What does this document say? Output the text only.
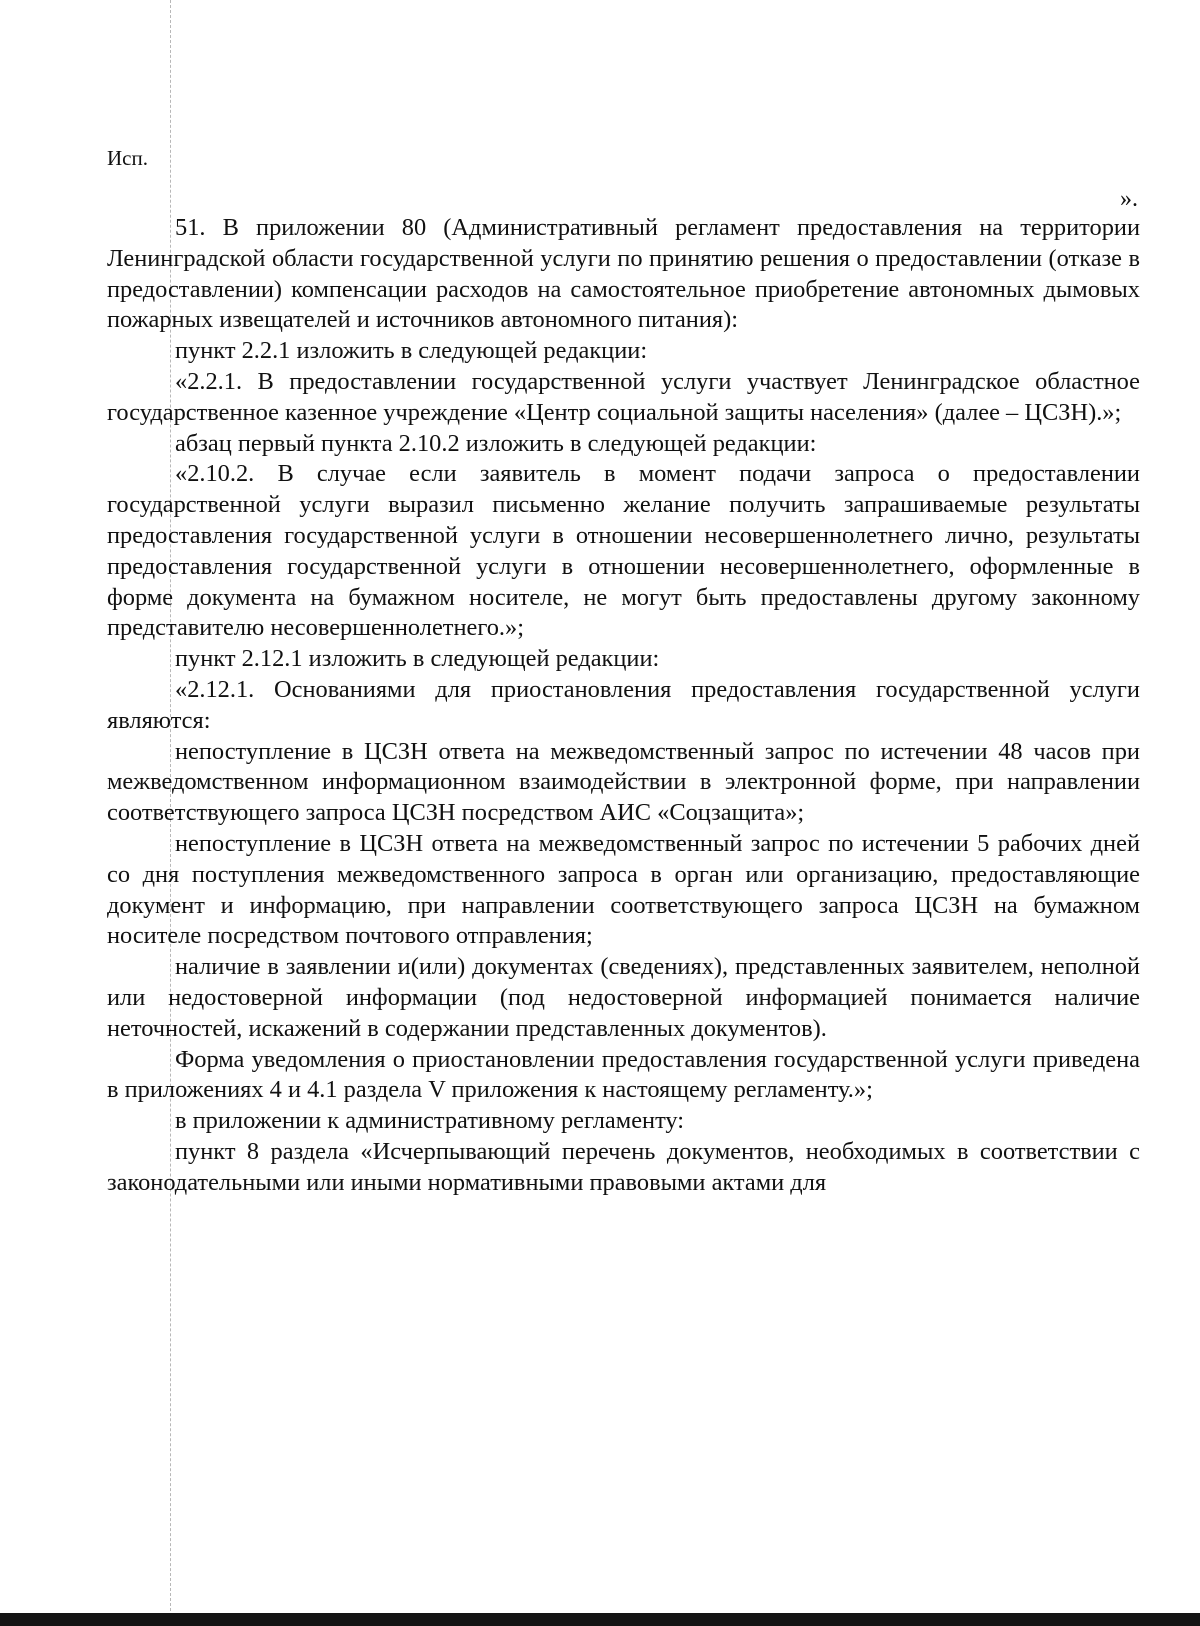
Исп.
».

51. В приложении 80 (Административный регламент предоставления на территории Ленинградской области государственной услуги по принятию решения о предоставлении (отказе в предоставлении) компенсации расходов на самостоятельное приобретение автономных дымовых пожарных извещателей и источников автономного питания):

пункт 2.2.1 изложить в следующей редакции:

«2.2.1. В предоставлении государственной услуги участвует Ленинградское областное государственное казенное учреждение «Центр социальной защиты населения» (далее – ЦСЗН).»;

абзац первый пункта 2.10.2 изложить в следующей редакции:

«2.10.2. В случае если заявитель в момент подачи запроса о предоставлении государственной услуги выразил письменно желание получить запрашиваемые результаты предоставления государственной услуги в отношении несовершеннолетнего лично, результаты предоставления государственной услуги в отношении несовершеннолетнего, оформленные в форме документа на бумажном носителе, не могут быть предоставлены другому законному представителю несовершеннолетнего.»;

пункт 2.12.1 изложить в следующей редакции:

«2.12.1. Основаниями для приостановления предоставления государственной услуги являются:

непоступление в ЦСЗН ответа на межведомственный запрос по истечении 48 часов при межведомственном информационном взаимодействии в электронной форме, при направлении соответствующего запроса ЦСЗН посредством АИС «Соцзащита»;

непоступление в ЦСЗН ответа на межведомственный запрос по истечении 5 рабочих дней со дня поступления межведомственного запроса в орган или организацию, предоставляющие документ и информацию, при направлении соответствующего запроса ЦСЗН на бумажном носителе посредством почтового отправления;

наличие в заявлении и(или) документах (сведениях), представленных заявителем, неполной или недостоверной информации (под недостоверной информацией понимается наличие неточностей, искажений в содержании представленных документов).

Форма уведомления о приостановлении предоставления государственной услуги приведена в приложениях 4 и 4.1 раздела V приложения к настоящему регламенту.»;

в приложении к административному регламенту:

пункт 8 раздела «Исчерпывающий перечень документов, необходимых в соответствии с законодательными или иными нормативными правовыми актами для
